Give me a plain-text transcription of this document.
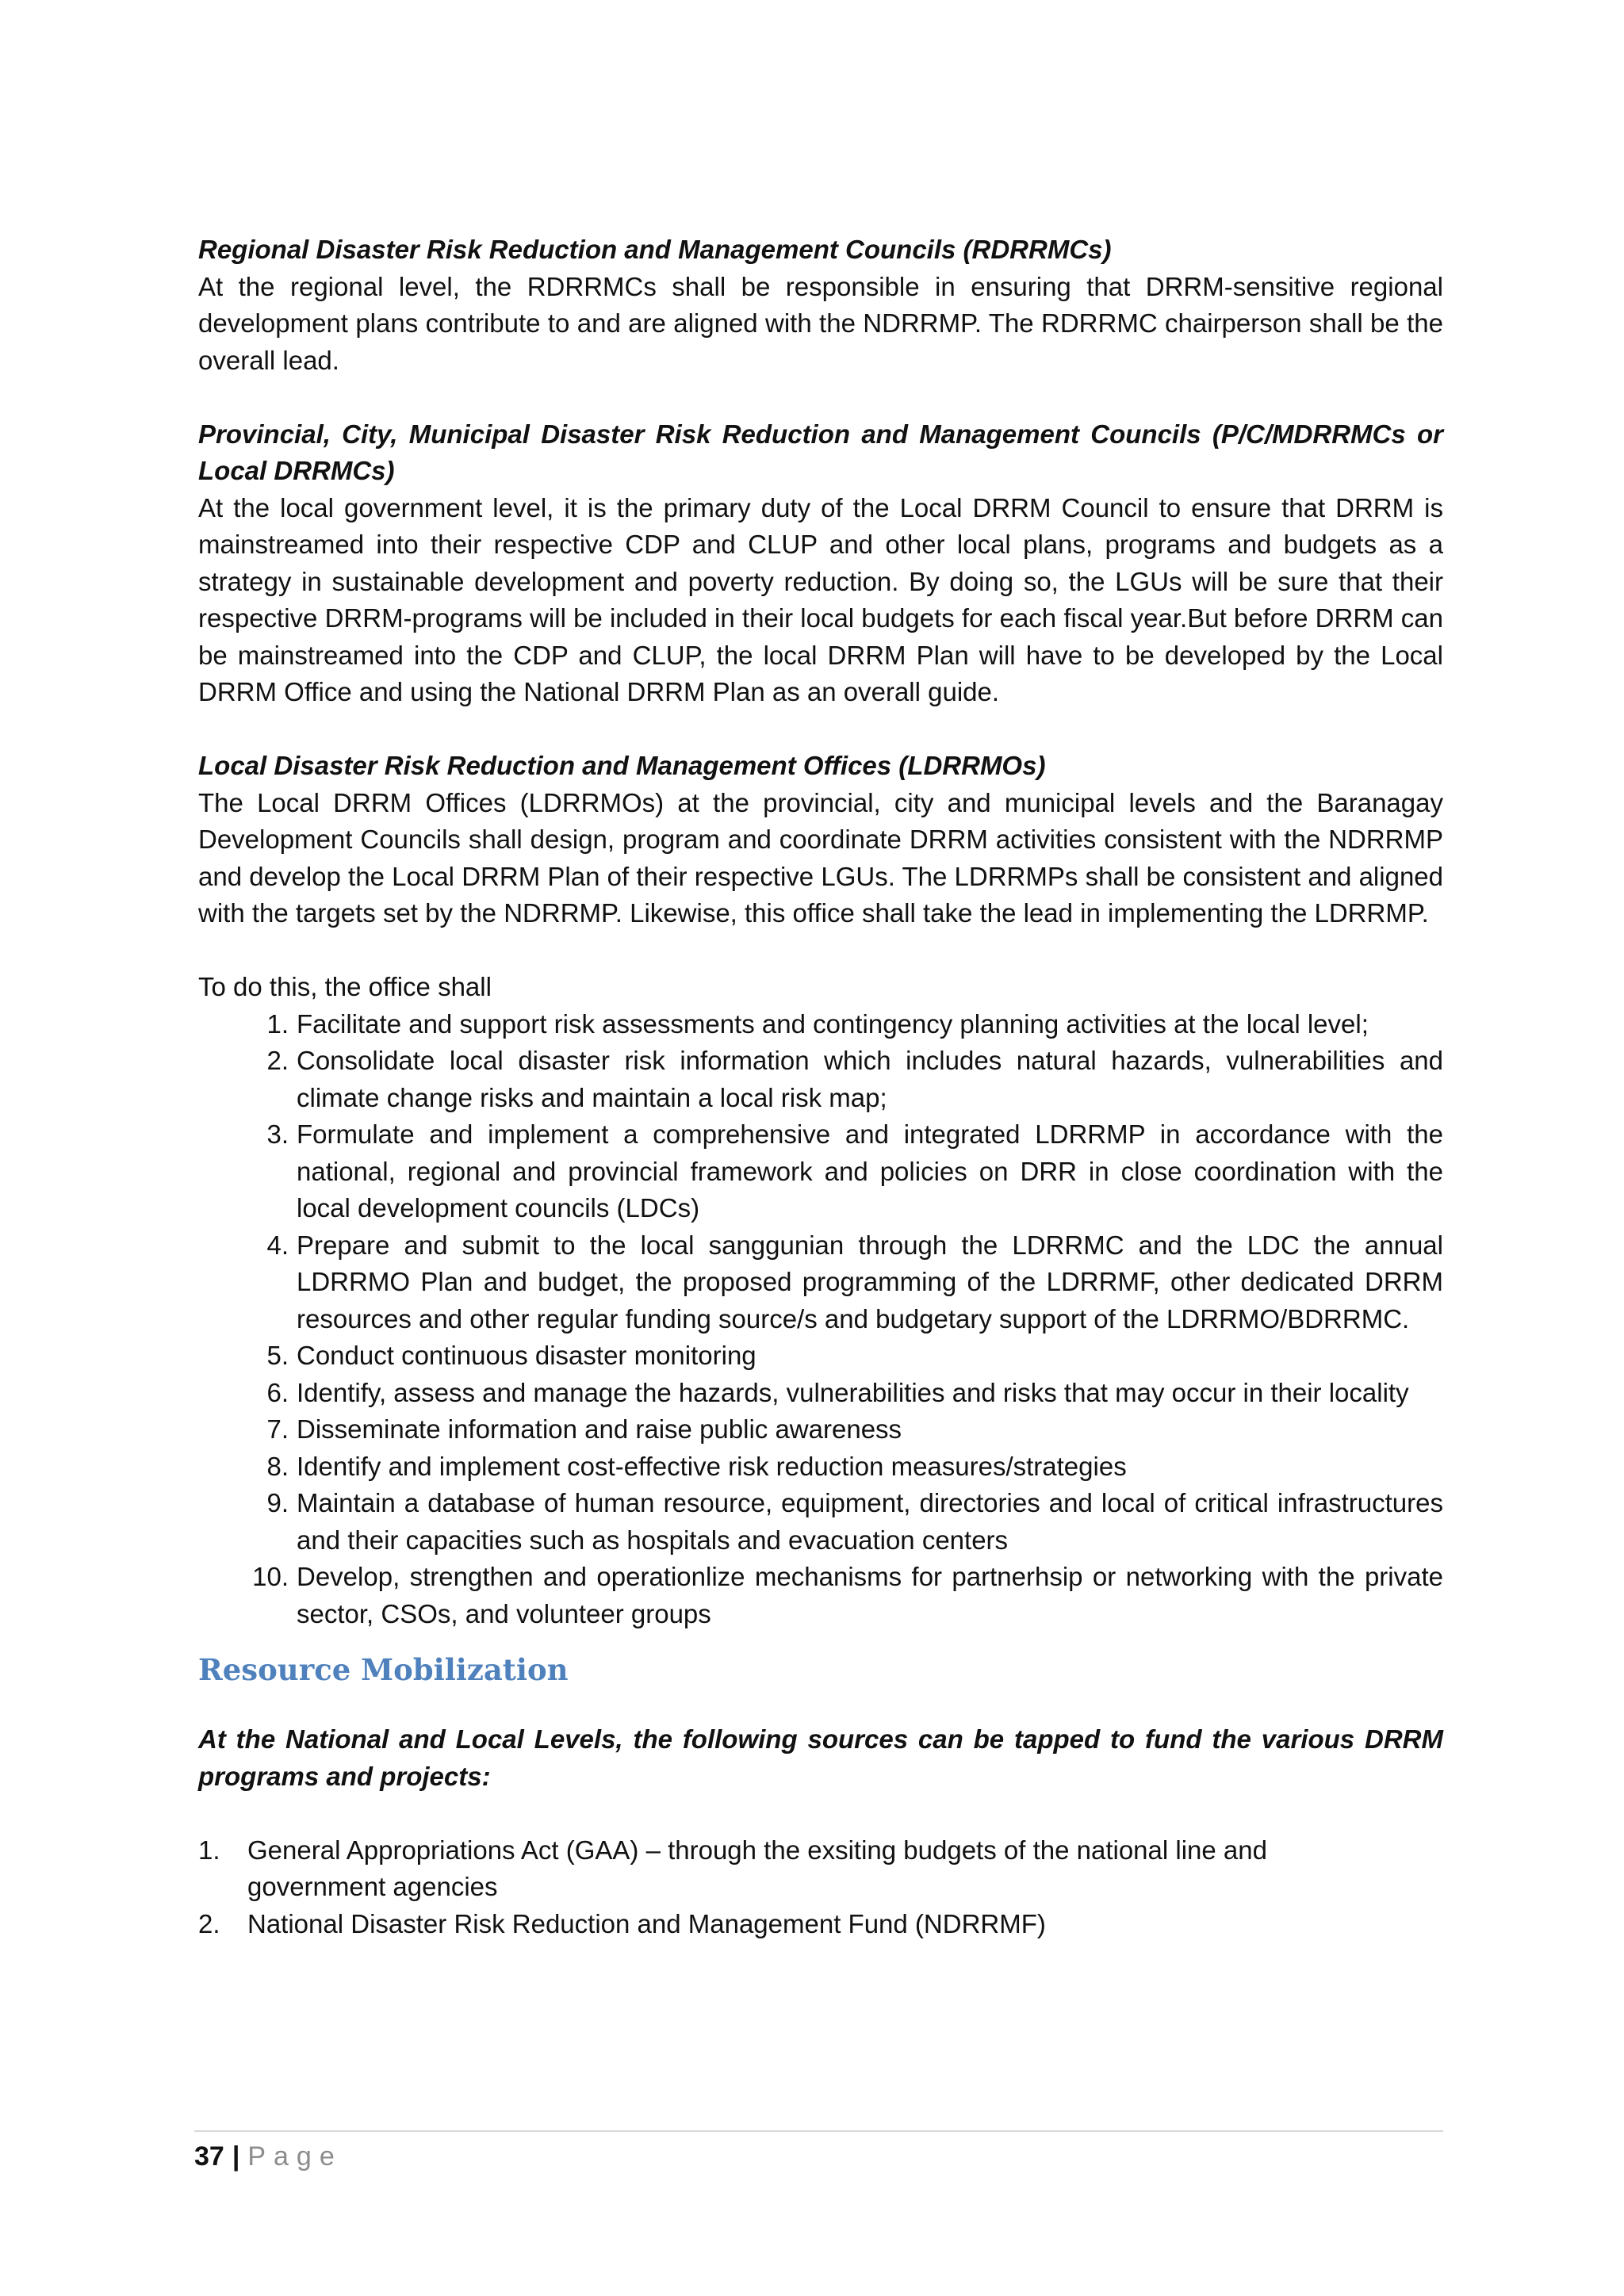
Regional Disaster Risk Reduction and Management Councils (RDRRMCs)

At the regional level, the RDRRMCs shall be responsible in ensuring that DRRM-sensitive regional development plans contribute to and are aligned with the NDRRMP. The RDRRMC chairperson shall be the overall lead.

Provincial, City, Municipal Disaster Risk Reduction and Management Councils (P/C/MDRRMCs or Local DRRMCs)

At the local government level, it is the primary duty of the Local DRRM Council to ensure that DRRM is mainstreamed into their respective CDP and CLUP and other local plans, programs and budgets as a strategy in sustainable development and poverty reduction. By doing so, the LGUs will be sure that their respective DRRM-programs will be included in their local budgets for each fiscal year.But before DRRM can be mainstreamed into the CDP and CLUP, the local DRRM Plan will have to be developed by the Local DRRM Office and using the National DRRM Plan as an overall guide.

Local Disaster Risk Reduction and Management Offices (LDRRMOs)

The Local DRRM Offices (LDRRMOs) at the provincial, city and municipal levels and the Baranagay Development Councils shall design, program and coordinate DRRM activities consistent with the NDRRMP and develop the Local DRRM Plan of their respective LGUs. The LDRRMPs shall be consistent and aligned with the targets set by the NDRRMP. Likewise, this office shall take the lead in implementing the LDRRMP.

To do this, the office shall

1. Facilitate and support risk assessments and contingency planning activities at the local level;
2. Consolidate local disaster risk information which includes natural hazards, vulnerabilities and climate change risks and maintain a local risk map;
3. Formulate and implement a comprehensive and integrated LDRRMP in accordance with the national, regional and provincial framework and policies on DRR in close coordination with the local development councils (LDCs)
4. Prepare and submit to the local sanggunian through the LDRRMC and the LDC the annual LDRRMO Plan and budget, the proposed programming of the LDRRMF, other dedicated DRRM resources and other regular funding source/s and budgetary support of the LDRRMO/BDRRMC.
5. Conduct continuous disaster monitoring
6. Identify, assess and manage the hazards, vulnerabilities and risks that may occur in their locality
7. Disseminate information and raise public awareness
8. Identify and implement cost-effective risk reduction measures/strategies
9. Maintain a database of human resource, equipment, directories and local of critical infrastructures and their capacities such as hospitals and evacuation centers
10. Develop, strengthen and operationlize mechanisms for partnerhsip or networking with the private sector, CSOs, and volunteer groups
Resource Mobilization

At the National and Local Levels, the following sources can be tapped to fund the various DRRM programs and projects:

1. General Appropriations Act (GAA) – through the exsiting budgets of the national line and government agencies
2. National Disaster Risk Reduction and Management Fund (NDRRMF)
37 | Page
